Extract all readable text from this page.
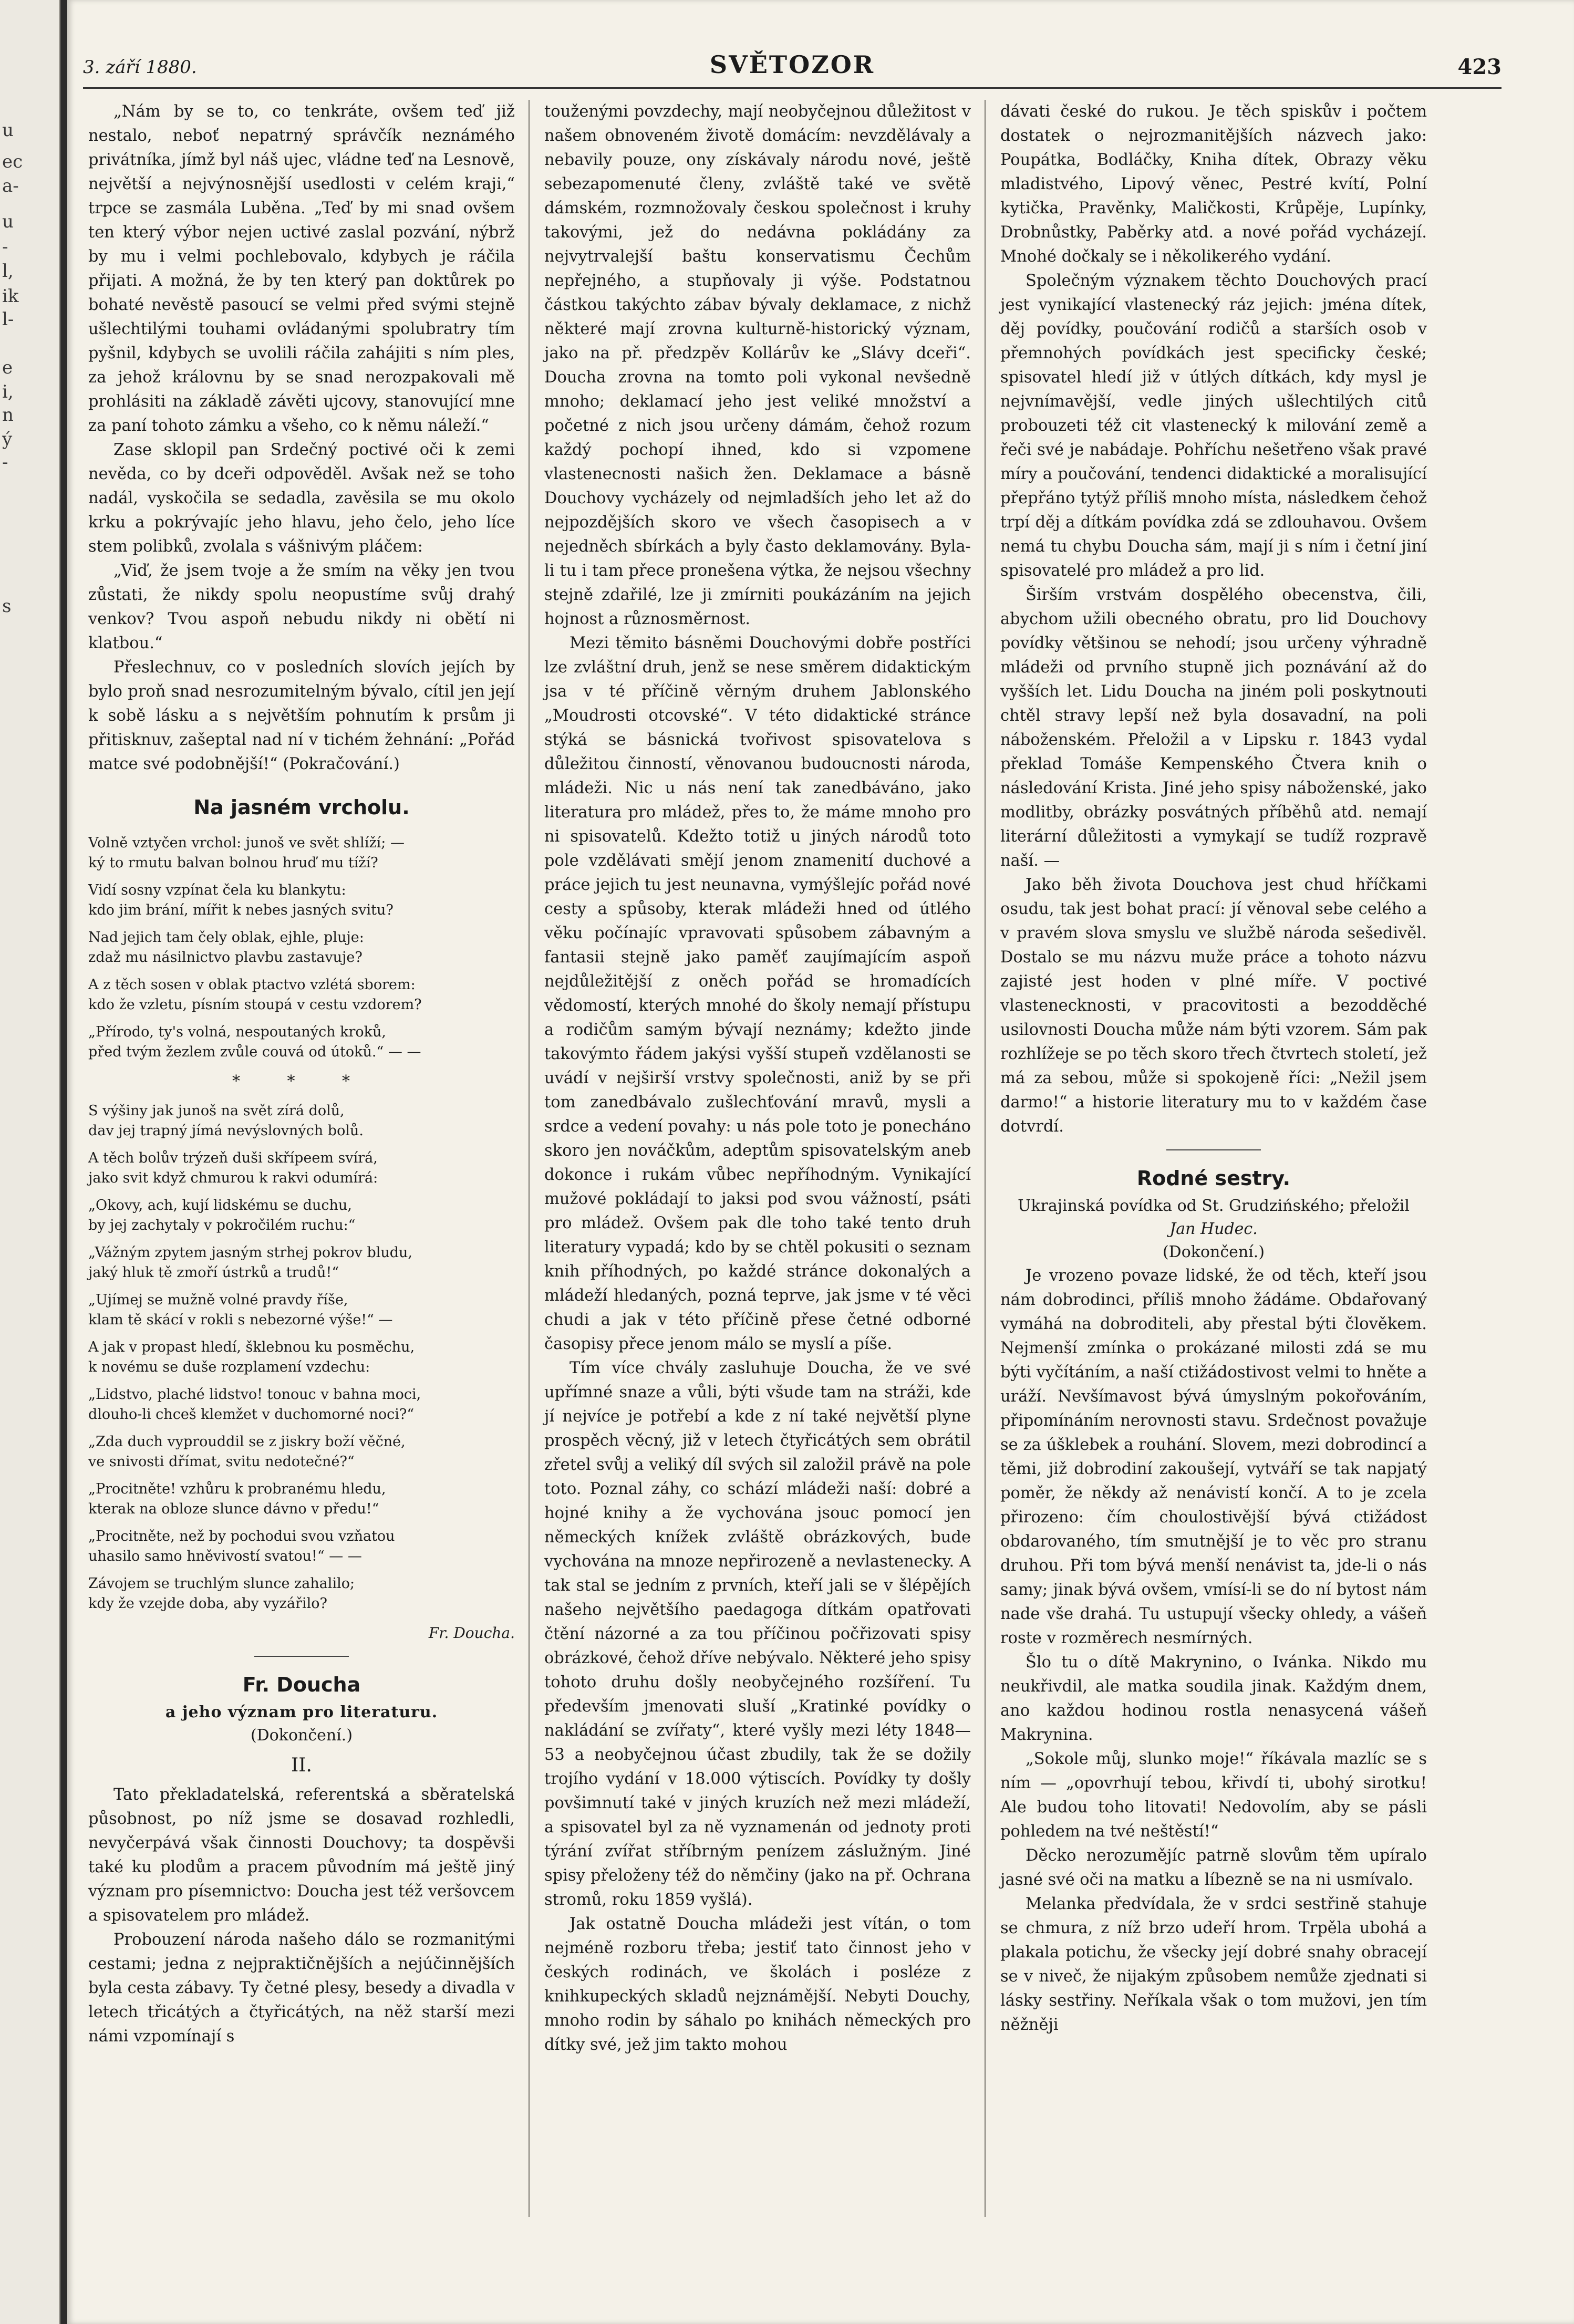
u
ec
a-
u
-
l,
ik
l-
e
i,
n
ý
-
s
3. září 1880.	SVĚTOZOR	423

„Nám by se to, co tenkráte, ovšem teď již nestalo, neboť nepatrný správčík neznámého privátníka, jímž byl náš ujec, vládne teď na Lesnově, největší a nejvýnosnější usedlosti v celém kraji,“ trpce se zasmála Luběna. „Teď by mi snad ovšem ten který výbor nejen uctivé zaslal pozvání, nýbrž by mu i velmi pochlebovalo, kdybych je ráčila přijati. A možná, že by ten který pan doktůrek po bohaté nevěstě pasoucí se velmi před svými stejně ušlechtilými touhami ovládanými spolubratry tím pyšnil, kdybych se uvolili ráčila zahájiti s ním ples, za jehož královnu by se snad nerozpakovali mě prohlásiti na základě závěti ujcovy, stanovující mne za paní tohoto zámku a všeho, co k němu náleží.“

Zase sklopil pan Srdečný poctivé oči k zemi nevěda, co by dceři odpověděl. Avšak než se toho nadál, vyskočila se sedadla, zavěsila se mu okolo krku a pokrývajíc jeho hlavu, jeho čelo, jeho líce stem polibků, zvolala s vášnivým pláčem:

„Viď, že jsem tvoje a že smím na věky jen tvou zůstati, že nikdy spolu neopustíme svůj drahý venkov? Tvou aspoň nebudu nikdy ni obětí ni klatbou.“

Přeslechnuv, co v posledních slovích jejích by bylo proň snad nesrozumitelným bývalo, cítil jen její k sobě lásku a s největším pohnutím k prsům ji přitisknuv, zašeptal nad ní v tichém žehnání: „Pořád matce své podobnější!“ (Pokračování.)

Na jasném vrcholu.
Volně vztyčen vrchol: junoš ve svět shlíží; —
ký to rmutu balvan bolnou hruď mu tíží?
Vidí sosny vzpínat čela ku blankytu:
kdo jim brání, mířit k nebes jasných svitu?
Nad jejich tam čely oblak, ejhle, pluje:
zdaž mu násilnictvo plavbu zastavuje?
A z těch sosen v oblak ptactvo vzlétá sborem:
kdo že vzletu, písním stoupá v cestu vzdorem?
„Přírodo, ty's volná, nespoutaných kroků,
před tvým žezlem zvůle couvá od útoků.“ — —
* * *
S výšiny jak junoš na svět zírá dolů,
dav jej trapný jímá nevýslovných bolů.
A těch bolův trýzeň duši skřípeem svírá,
jako svit když chmurou k rakvi odumírá:
„Okovy, ach, kují lidskému se duchu,
by jej zachytaly v pokročilém ruchu:“
„Vážným zpytem jasným strhej pokrov bludu,
jaký hluk tě zmoří ústrků a trudů!“
„Ujímej se mužně volné pravdy říše,
klam tě skácí v rokli s nebezorné výše!“ —
A jak v propast hledí, šklebnou ku posměchu,
k novému se duše rozplamení vzdechu:
„Lidstvo, plaché lidstvo! tonouc v bahna moci,
dlouho-li chceš klemžet v duchomorné noci?“
„Zda duch vyprouddil se z jiskry boží věčné,
ve snivosti dřímat, svitu nedotečné?“
„Procitněte! vzhůru k probranému hledu,
kterak na obloze slunce dávno v předu!“
„Procitněte, než by pochodui svou vzňatou
uhasilo samo hněvivostí svatou!“ — —
Závojem se truchlým slunce zahalilo;
kdy že vzejde doba, aby vyzářilo?
Fr. Doucha.
Fr. Doucha

a jeho význam pro literaturu.

(Dokončení.)

II.

Tato překladatelská, referentská a sběratelská působnost, po níž jsme se dosavad rozhledli, nevyčerpává však činnosti Douchovy; ta dospěvši také ku plodům a pracem původním má ještě jiný význam pro písemnictvo: Doucha jest též veršovcem a spisovatelem pro mládež.

Probouzení národa našeho dálo se rozmanitými cestami; jedna z nejpraktičnějších a nejúčinnějších byla cesta zábavy. Ty četné plesy, besedy a divadla v letech třicátých a čtyřicátých, na něž starší mezi námi vzpomínají s

touženými povzdechy, mají neobyčejnou důležitost v našem obnoveném životě domácím: nevzdělávaly a nebavily pouze, ony získávaly národu nové, ještě sebezapomenuté členy, zvláště také ve světě dámském, rozmnožovaly českou společnost i kruhy takovými, jež do nedávna pokládány za nejvytrvalejší baštu konservatismu Čechům nepřejného, a stupňovaly ji výše. Podstatnou částkou takýchto zábav bývaly deklamace, z nichž některé mají zrovna kulturně-historický význam, jako na př. předzpěv Kollárův ke „Slávy dceři“. Doucha zrovna na tomto poli vykonal nevšedně mnoho; deklamací jeho jest veliké množství a početné z nich jsou určeny dámám, čehož rozum každý pochopí ihned, kdo si vzpomene vlastenecnosti našich žen. Deklamace a básně Douchovy vycházely od nejmladších jeho let až do nejpozdějších skoro ve všech časopisech a v nejedněch sbírkách a byly často deklamovány. Byla-li tu i tam přece pronešena výtka, že nejsou všechny stejně zdařilé, lze ji zmírniti poukázáním na jejich hojnost a různosměrnost.

Mezi těmito básněmi Douchovými dobře postříci lze zvláštní druh, jenž se nese směrem didaktickým jsa v té příčině věrným druhem Jablonského „Moudrosti otcovské“. V této didaktické stránce stýká se básnická tvořivost spisovatelova s důležitou činností, věnovanou budoucnosti národa, mládeži. Nic u nás není tak zanedbáváno, jako literatura pro mládež, přes to, že máme mnoho pro ni spisovatelů. Kdežto totiž u jiných národů toto pole vzdělávati smějí jenom znamenití duchové a práce jejich tu jest neunavna, vymýšlejíc pořád nové cesty a spůsoby, kterak mládeži hned od útlého věku počínajíc vpravovati spůsobem zábavným a fantasii stejně jako paměť zaujímajícím aspoň nejdůležitější z oněch pořád se hromadících vědomostí, kterých mnohé do školy nemají přístupu a rodičům samým bývají neznámy; kdežto jinde takovýmto řádem jakýsi vyšší stupeň vzdělanosti se uvádí v nejširší vrstvy společnosti, aniž by se při tom zanedbávalo zušlechťování mravů, mysli a srdce a vedení povahy: u nás pole toto je ponecháno skoro jen nováčkům, adeptům spisovatelským aneb dokonce i rukám vůbec nepříhodným. Vynikající mužové pokládají to jaksi pod svou vážností, psáti pro mládež. Ovšem pak dle toho také tento druh literatury vypadá; kdo by se chtěl pokusiti o seznam knih příhodných, po každé stránce dokonalých a mládeží hledaných, pozná teprve, jak jsme v té věci chudi a jak v této příčině přese četné odborné časopisy přece jenom málo se myslí a píše.

Tím více chvály zasluhuje Doucha, že ve své upřímné snaze a vůli, býti všude tam na stráži, kde jí nejvíce je potřebí a kde z ní také největší plyne prospěch věcný, již v letech čtyřicátých sem obrátil zřetel svůj a veliký díl svých sil založil právě na pole toto. Poznal záhy, co schází mládeži naší: dobré a hojné knihy a že vychována jsouc pomocí jen německých knížek zvláště obrázkových, bude vychována na mnoze nepřirozeně a nevlastenecky. A tak stal se jedním z prvních, kteří jali se v šlépějích našeho největšího paedagoga dítkám opatřovati čtění názorné a za tou příčinou počřizovati spisy obrázkové, čehož dříve nebývalo. Některé jeho spisy tohoto druhu došly neobyčejného rozšíření. Tu především jmenovati sluší „Kratinké povídky o nakládání se zvířaty“, které vyšly mezi léty 1848—53 a neobyčejnou účast zbudily, tak že se dožily trojího vydání v 18.000 výtiscích. Povídky ty došly povšimnutí také v jiných kruzích než mezi mládeží, a spisovatel byl za ně vyznamenán od jednoty proti týrání zvířat stříbrným penízem záslužným. Jiné spisy přeloženy též do němčiny (jako na př. Ochrana stromů, roku 1859 vyšlá).

Jak ostatně Doucha mládeži jest vítán, o tom nejméně rozboru třeba; jestiť tato činnost jeho v českých rodinách, ve školách i posléze z knihkupeckých skladů nejznámější. Nebyti Douchy, mnoho rodin by sáhalo po knihách německých pro dítky své, jež jim takto mohou

dávati české do rukou. Je těch spiskův i počtem dostatek o nejrozmanitějších názvech jako: Poupátka, Bodláčky, Kniha dítek, Obrazy věku mladistvého, Lipový věnec, Pestré kvítí, Polní kytička, Pravěnky, Maličkosti, Krůpěje, Lupínky, Drobnůstky, Paběrky atd. a nové pořád vycházejí. Mnohé dočkaly se i několikerého vydání.

Společným význakem těchto Douchových prací jest vynikající vlastenecký ráz jejich: jména dítek, děj povídky, poučování rodičů a starších osob v přemnohých povídkách jest specificky české; spisovatel hledí již v útlých dítkách, kdy mysl je nejvnímavější, vedle jiných ušlechtilých citů probouzeti též cit vlastenecký k milování země a řeči své je nabádaje. Pohříchu nešetřeno však pravé míry a poučování, tendenci didaktické a moralisující přepřáno tytýž příliš mnoho místa, následkem čehož trpí děj a dítkám povídka zdá se zdlouhavou. Ovšem nemá tu chybu Doucha sám, mají ji s ním i četní jiní spisovatelé pro mládež a pro lid.

Širším vrstvám dospělého obecenstva, čili, abychom užili obecného obratu, pro lid Douchovy povídky většinou se nehodí; jsou určeny výhradně mládeži od prvního stupně jich poznávání až do vyšších let. Lidu Doucha na jiném poli poskytnouti chtěl stravy lepší než byla dosavadní, na poli náboženském. Přeložil a v Lipsku r. 1843 vydal překlad Tomáše Kempenského Čtvera knih o následování Krista. Jiné jeho spisy náboženské, jako modlitby, obrázky posvátných příběhů atd. nemají literární důležitosti a vymykají se tudíž rozpravě naší. —

Jako běh života Douchova jest chud hříčkami osudu, tak jest bohat prací: jí věnoval sebe celého a v pravém slova smyslu ve službě národa sešedivěl. Dostalo se mu názvu muže práce a tohoto názvu zajisté jest hoden v plné míře. V poctivé vlastenecknosti, v pracovitosti a bezodděché usilovnosti Doucha může nám býti vzorem. Sám pak rozhlížeje se po těch skoro třech čtvrtech století, jež má za sebou, může si spokojeně říci: „Nežil jsem darmo!“ a historie literatury mu to v každém čase dotvrdí.

Rodné sestry.

Ukrajinská povídka od St. Grudzińského; přeložil

Jan Hudec.

(Dokončení.)

Je vrozeno povaze lidské, že od těch, kteří jsou nám dobrodinci, příliš mnoho žádáme. Obdařovaný vymáhá na dobroditeli, aby přestal býti člověkem. Nejmenší zmínka o prokázané milosti zdá se mu býti vyčítáním, a naší ctižádostivost velmi to hněte a uráží. Nevšímavost bývá úmyslným pokořováním, připomínáním nerovnosti stavu. Srdečnost považuje se za úšklebek a rouhání. Slovem, mezi dobrodincí a těmi, již dobrodiní zakoušejí, vytváří se tak napjatý poměr, že někdy až nenávistí končí. A to je zcela přirozeno: čím choulostivější bývá ctižádost obdarovaného, tím smutnější je to věc pro stranu druhou. Při tom bývá menší nenávist ta, jde-li o nás samy; jinak bývá ovšem, vmísí-li se do ní bytost nám nade vše drahá. Tu ustupují všecky ohledy, a vášeň roste v rozměrech nesmírných.

Šlo tu o dítě Makrynino, o Ivánka. Nikdo mu neukřivdil, ale matka soudila jinak. Každým dnem, ano každou hodinou rostla nenasycená vášeň Makrynina.

„Sokole můj, slunko moje!“ říkávala mazlíc se s ním — „opovrhují tebou, křivdí ti, ubohý sirotku! Ale budou toho litovati! Nedovolím, aby se pásli pohledem na tvé neštěstí!“

Děcko nerozumějíc patrně slovům těm upíralo jasné své oči na matku a líbezně se na ni usmívalo.

Melanka předvídala, že v srdci sestřině stahuje se chmura, z níž brzo udeří hrom. Trpěla ubohá a plakala potichu, že všecky její dobré snahy obracejí se v niveč, že nijakým způsobem nemůže zjednati si lásky sestřiny. Neříkala však o tom mužovi, jen tím něžněji
